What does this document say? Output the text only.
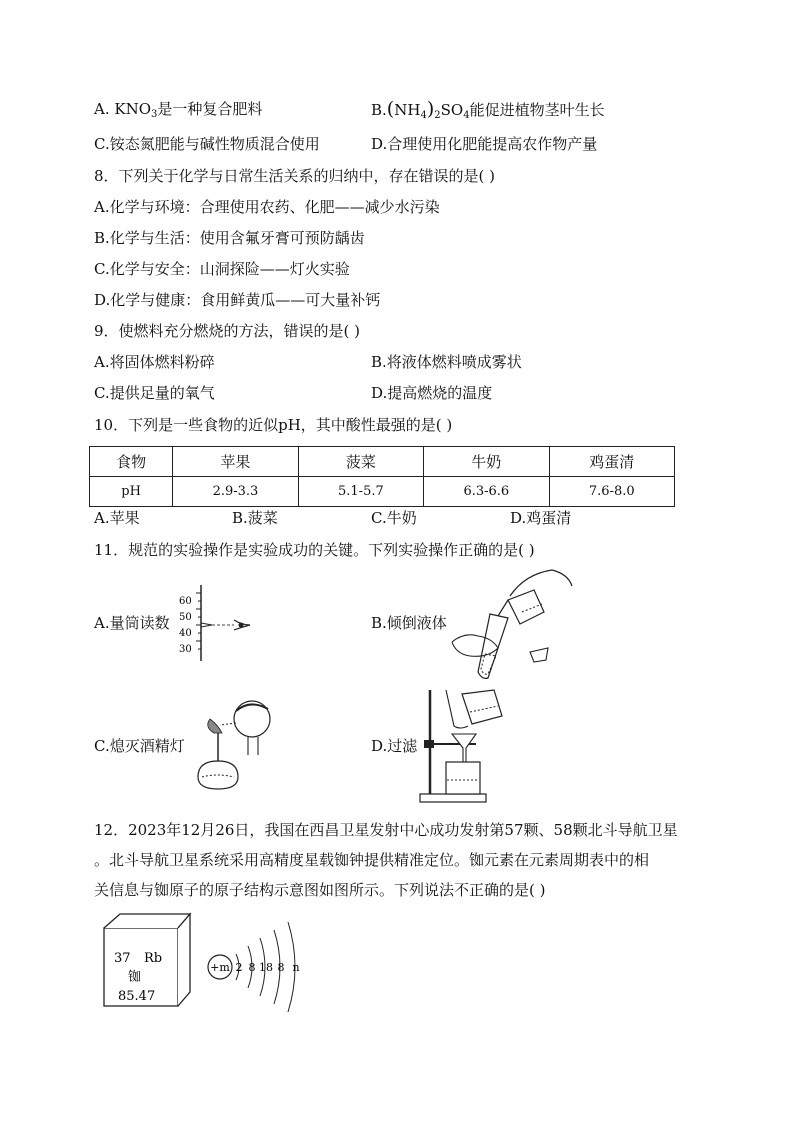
A. $KNO_3$是一种复合肥料	$B.(NH_4)_2SO_4$能促进植物茎叶生长
C.铵态氮肥能与碱性物质混合使用	D.合理使用化肥能提高农作物产量
8．下列关于化学与日常生活关系的归纳中，存在错误的是( )
A.化学与环境：合理使用农药、化肥——减少水污染
B.化学与生活：使用含氟牙膏可预防龋齿
C.化学与安全：山洞探险——灯火实验
D.化学与健康：食用鲜黄瓜——可大量补钙
9．使燃料充分燃烧的方法，错误的是( )
A.将固体燃料粉碎	B.将液体燃料喷成雾状
C.提供足量的氧气	D.提高燃烧的温度
10．下列是一些食物的近似pH，其中酸性最强的是( )
食物	苹果	菠菜	牛奶	鸡蛋清
pH	2.9-3.3	5.1-5.7	6.3-6.6	7.6-8.0
A.苹果	B.菠菜	C.牛奶	D.鸡蛋清
11．规范的实验操作是实验成功的关键。下列实验操作正确的是( )
A.量筒读数
60
50
40
30
B.倾倒液体
C.熄灭酒精灯	D.过滤
12．2023年12月26日，我国在西昌卫星发射中心成功发射第57颗、58颗北斗导航卫星
。北斗导航卫星系统采用高精度星载铷钟提供精准定位。铷元素在元素周期表中的相
关信息与铷原子的原子结构示意图如图所示。下列说法不正确的是( )
37 Rb
铷
85.47
+m 2 8 18 8 n
